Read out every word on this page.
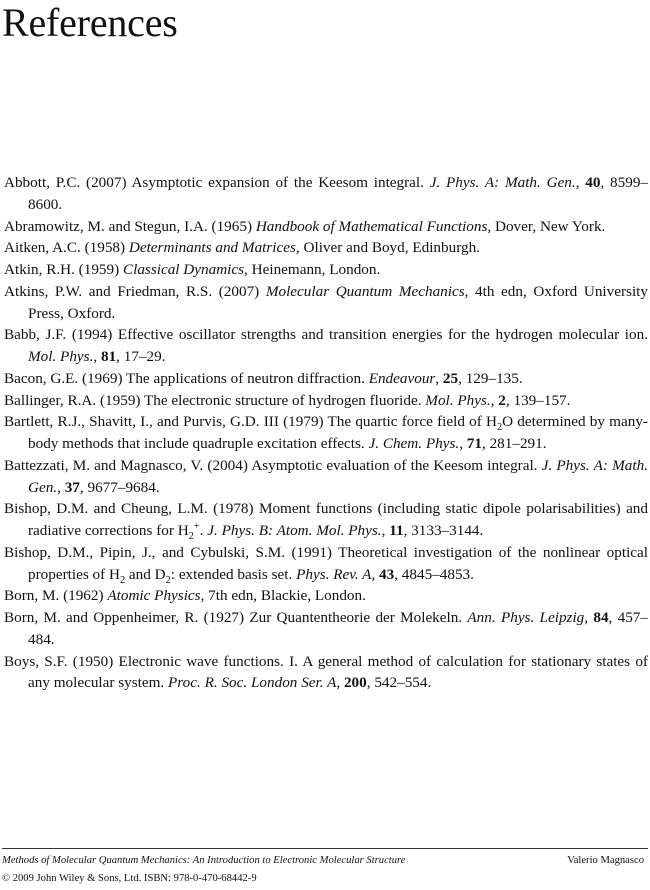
References
Abbott, P.C. (2007) Asymptotic expansion of the Keesom integral. J. Phys. A: Math. Gen., 40, 8599–8600.
Abramowitz, M. and Stegun, I.A. (1965) Handbook of Mathematical Functions, Dover, New York.
Aitken, A.C. (1958) Determinants and Matrices, Oliver and Boyd, Edinburgh.
Atkin, R.H. (1959) Classical Dynamics, Heinemann, London.
Atkins, P.W. and Friedman, R.S. (2007) Molecular Quantum Mechanics, 4th edn, Oxford University Press, Oxford.
Babb, J.F. (1994) Effective oscillator strengths and transition energies for the hydrogen molecular ion. Mol. Phys., 81, 17–29.
Bacon, G.E. (1969) The applications of neutron diffraction. Endeavour, 25, 129–135.
Ballinger, R.A. (1959) The electronic structure of hydrogen fluoride. Mol. Phys., 2, 139–157.
Bartlett, R.J., Shavitt, I., and Purvis, G.D. III (1979) The quartic force field of $H_2O$ determined by many-body methods that include quadruple excitation effects. J. Chem. Phys., 71, 281–291.
Battezzati, M. and Magnasco, V. (2004) Asymptotic evaluation of the Keesom integral. J. Phys. A: Math. Gen., 37, 9677–9684.
Bishop, D.M. and Cheung, L.M. (1978) Moment functions (including static dipole polarisabilities) and radiative corrections for $H_2^+$. J. Phys. B: Atom. Mol. Phys., 11, 3133–3144.
Bishop, D.M., Pipin, J., and Cybulski, S.M. (1991) Theoretical investigation of the nonlinear optical properties of $H_2$ and $D_2$: extended basis set. Phys. Rev. A, 43, 4845–4853.
Born, M. (1962) Atomic Physics, 7th edn, Blackie, London.
Born, M. and Oppenheimer, R. (1927) Zur Quantentheorie der Molekeln. Ann. Phys. Leipzig, 84, 457–484.
Boys, S.F. (1950) Electronic wave functions. I. A general method of calculation for stationary states of any molecular system. Proc. R. Soc. London Ser. A, 200, 542–554.
Methods of Molecular Quantum Mechanics: An Introduction to Electronic Molecular Structure	Valerio Magnasco
© 2009 John Wiley & Sons, Ltd. ISBN: 978-0-470-68442-9
